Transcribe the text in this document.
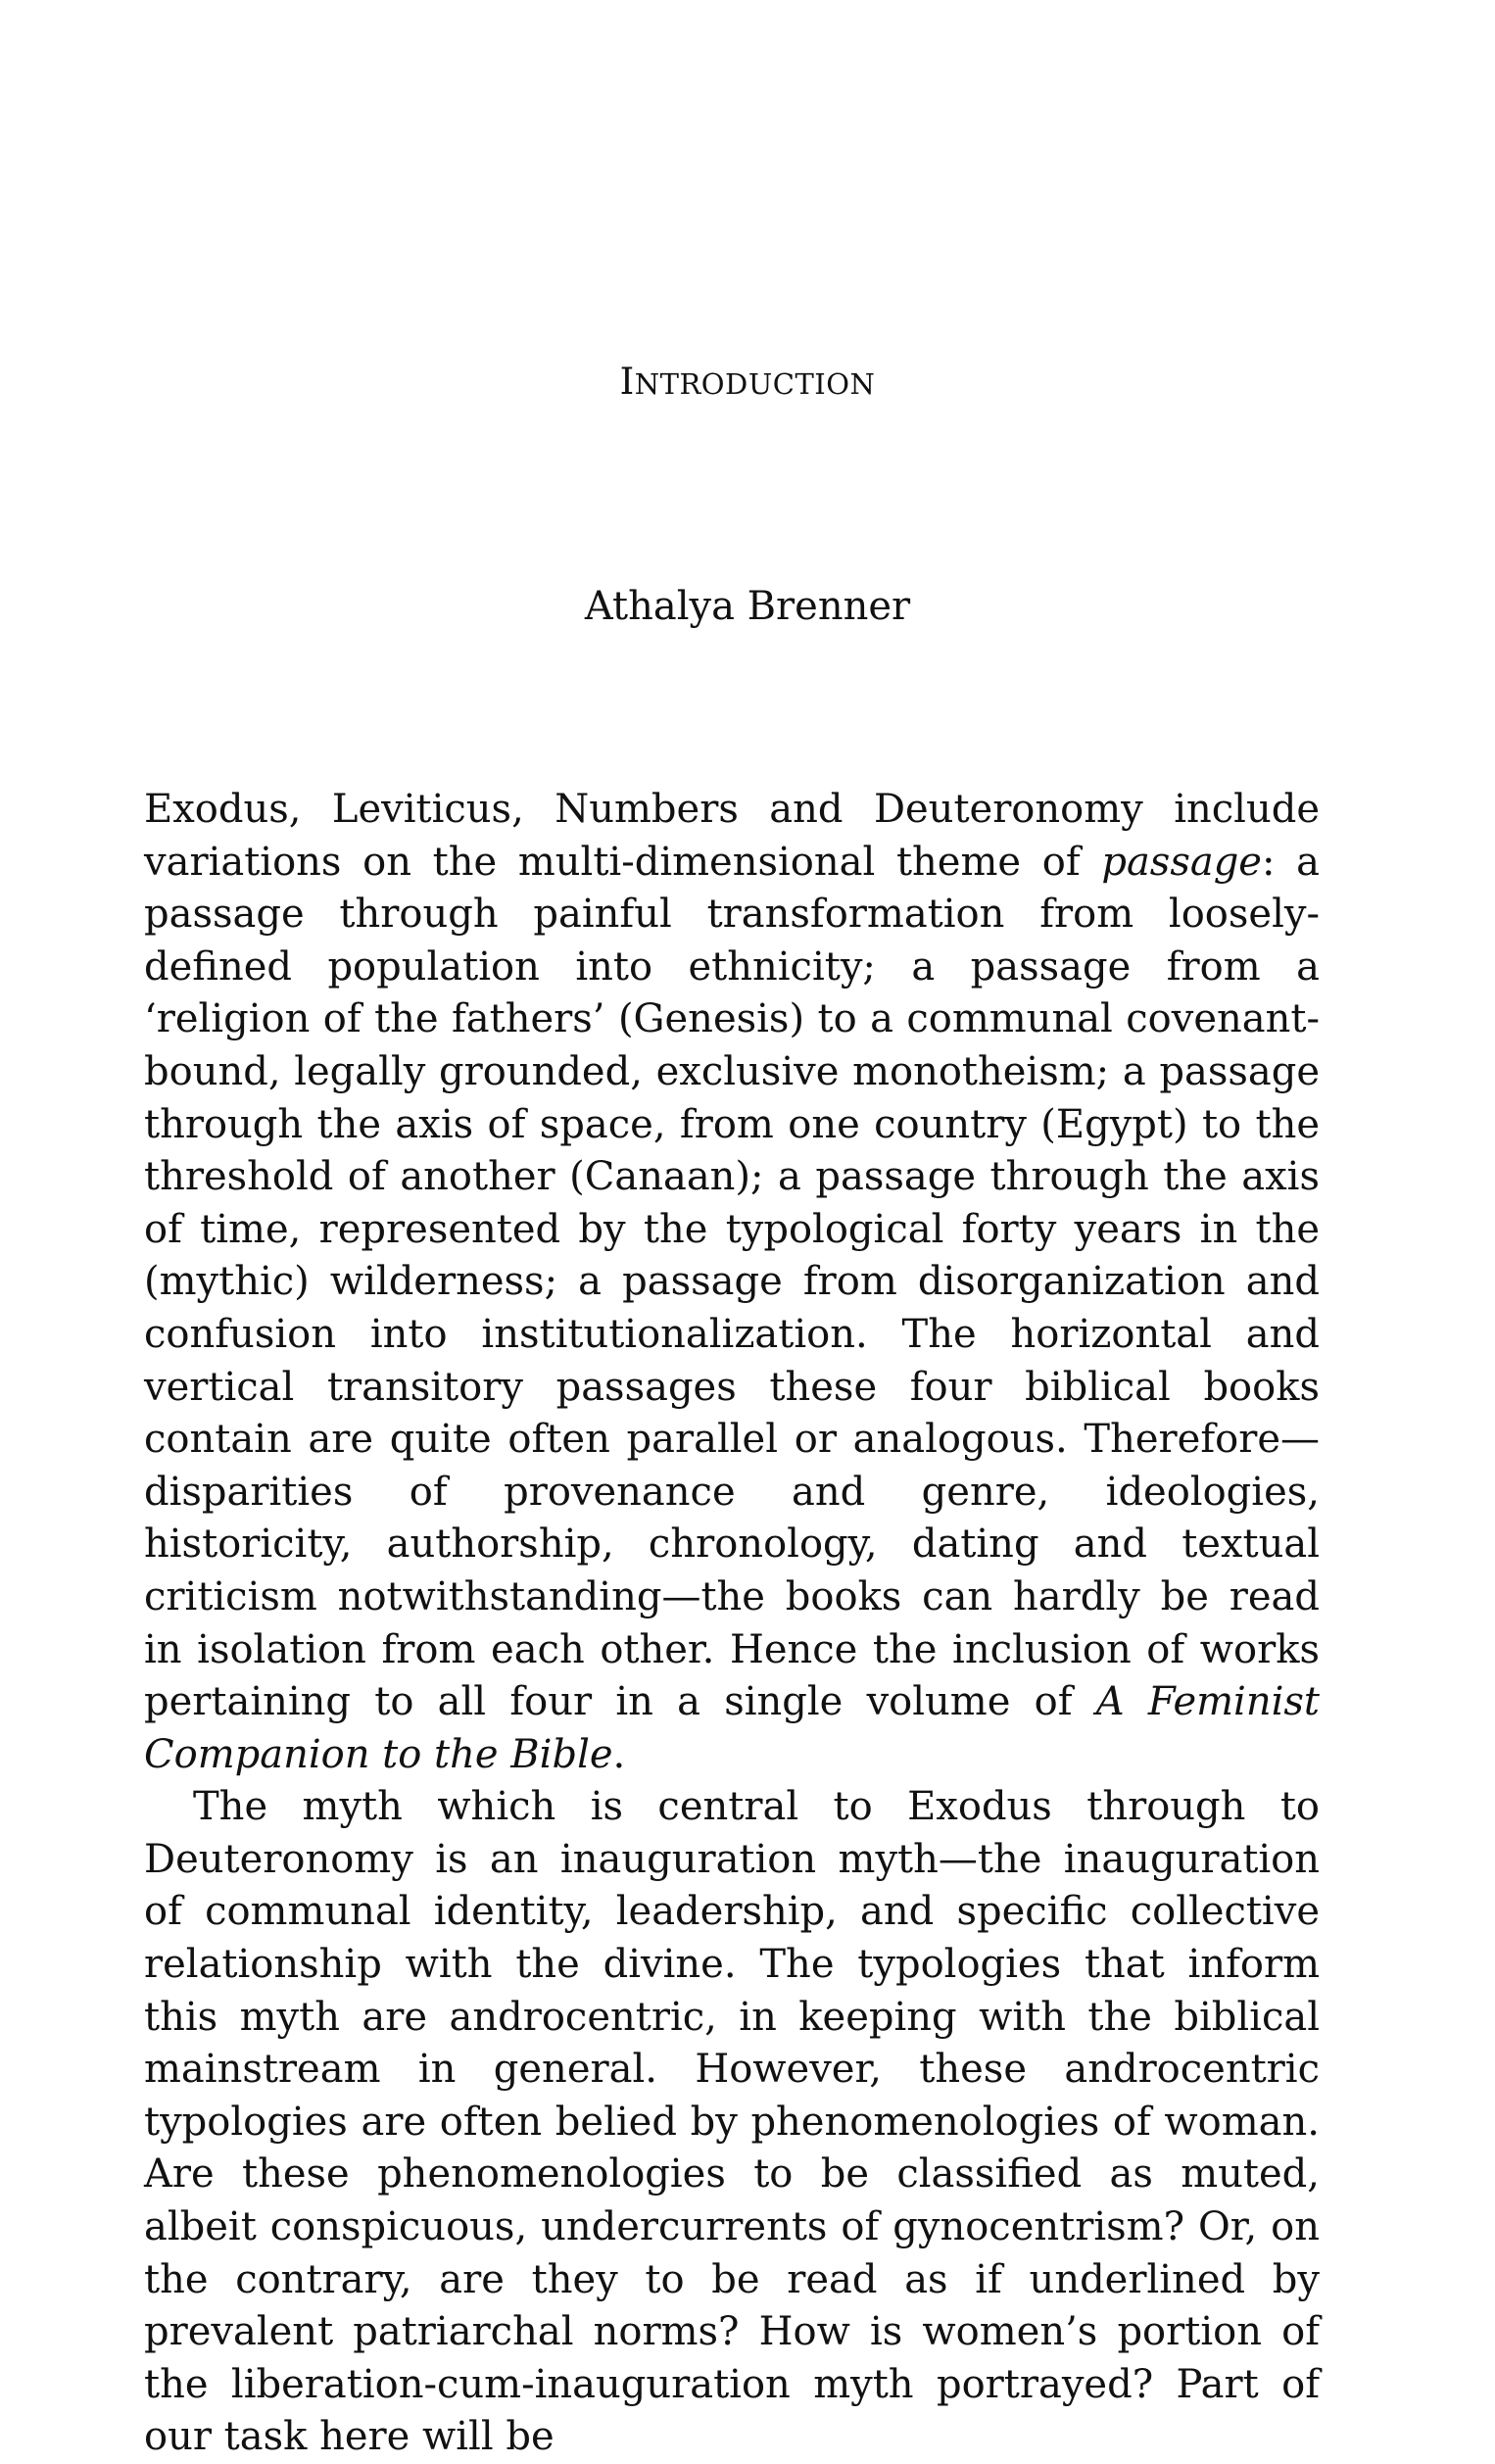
INTRODUCTION
Athalya Brenner

Exodus, Leviticus, Numbers and Deuteronomy include variations on the multi-dimensional theme of passage: a passage through painful transformation from loosely-defined population into ethnicity; a passage from a ‘religion of the fathers’ (Genesis) to a communal covenant-bound, legally grounded, exclusive monotheism; a passage through the axis of space, from one country (Egypt) to the threshold of another (Canaan); a passage through the axis of time, represented by the typological forty years in the (mythic) wilderness; a passage from disorganization and confusion into institutionalization. The horizontal and vertical transitory passages these four biblical books contain are quite often parallel or analogous. Therefore—disparities of provenance and genre, ideologies, historicity, authorship, chronology, dating and textual criticism notwithstanding—the books can hardly be read in isolation from each other. Hence the inclusion of works pertaining to all four in a single volume of A Feminist Companion to the Bible.

The myth which is central to Exodus through to Deuteronomy is an inauguration myth—the inauguration of communal identity, leadership, and specific collective relationship with the divine. The typologies that inform this myth are androcentric, in keeping with the biblical mainstream in general. However, these androcentric typologies are often belied by phenomenologies of woman. Are these phenomenologies to be classified as muted, albeit conspicuous, undercurrents of gynocentrism? Or, on the contrary, are they to be read as if underlined by prevalent patriarchal norms? How is women’s portion of the liberation-cum-inauguration myth portrayed? Part of our task here will be
